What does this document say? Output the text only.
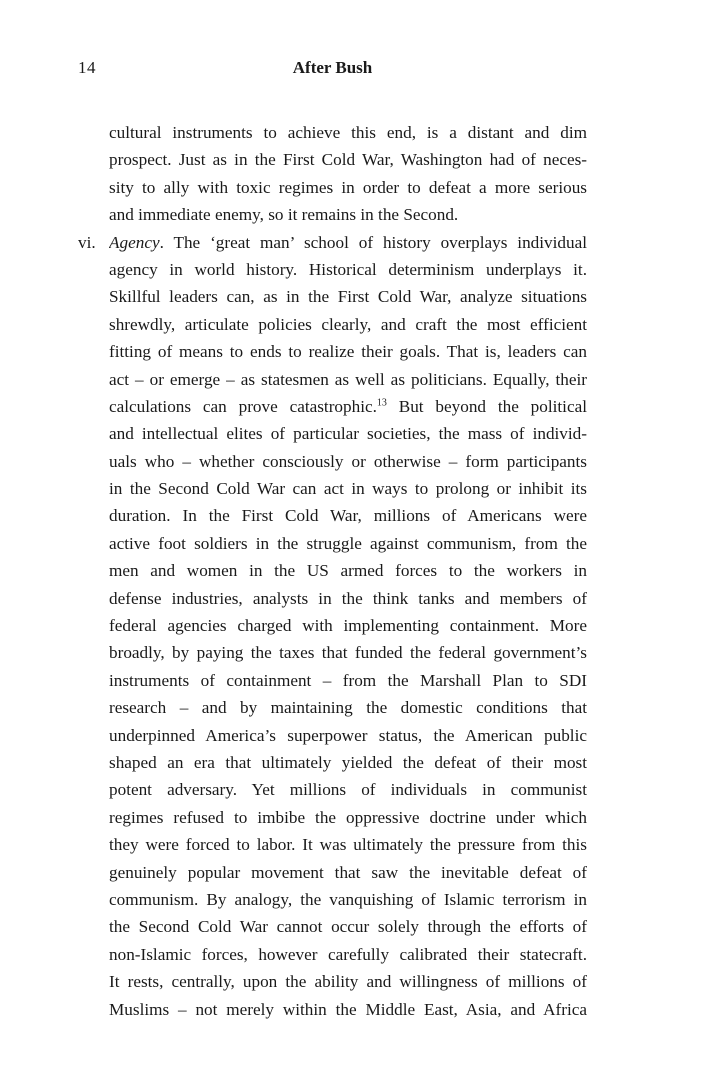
14	After Bush
cultural instruments to achieve this end, is a distant and dim
prospect. Just as in the First Cold War, Washington had of neces-
sity to ally with toxic regimes in order to defeat a more serious
and immediate enemy, so it remains in the Second.
vi. Agency. The ‘great man’ school of history overplays individual
agency in world history. Historical determinism underplays it.
Skillful leaders can, as in the First Cold War, analyze situations
shrewdly, articulate policies clearly, and craft the most efficient
fitting of means to ends to realize their goals. That is, leaders can
act – or emerge – as statesmen as well as politicians. Equally, their
calculations can prove catastrophic.$^{13}$ But beyond the political
and intellectual elites of particular societies, the mass of individ-
uals who – whether consciously or otherwise – form participants
in the Second Cold War can act in ways to prolong or inhibit its
duration. In the First Cold War, millions of Americans were
active foot soldiers in the struggle against communism, from the
men and women in the US armed forces to the workers in
defense industries, analysts in the think tanks and members of
federal agencies charged with implementing containment. More
broadly, by paying the taxes that funded the federal government’s
instruments of containment – from the Marshall Plan to SDI
research – and by maintaining the domestic conditions that
underpinned America’s superpower status, the American public
shaped an era that ultimately yielded the defeat of their most
potent adversary. Yet millions of individuals in communist
regimes refused to imbibe the oppressive doctrine under which
they were forced to labor. It was ultimately the pressure from this
genuinely popular movement that saw the inevitable defeat of
communism. By analogy, the vanquishing of Islamic terrorism in
the Second Cold War cannot occur solely through the efforts of
non-Islamic forces, however carefully calibrated their statecraft.
It rests, centrally, upon the ability and willingness of millions of
Muslims – not merely within the Middle East, Asia, and Africa
